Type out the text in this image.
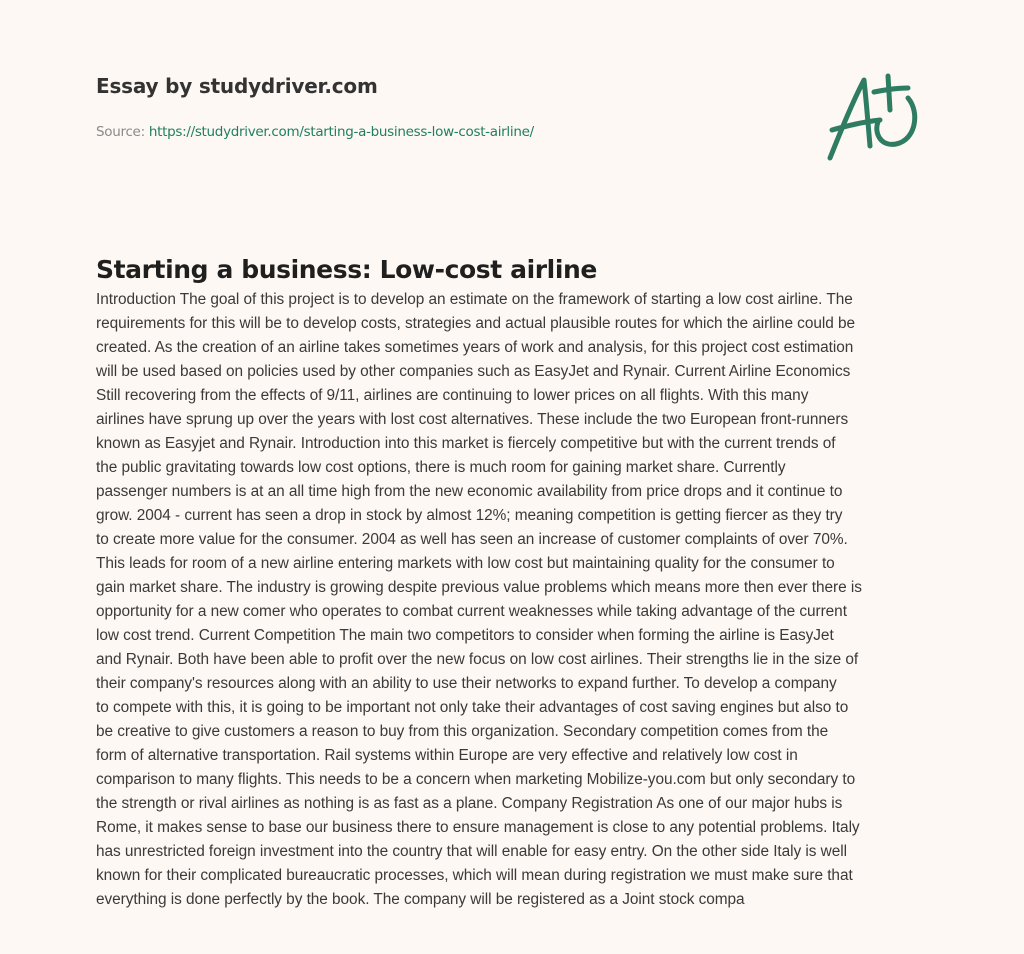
Essay by studydriver.com
Source: https://studydriver.com/starting-a-business-low-cost-airline/
Starting a business: Low-cost airline
Introduction The goal of this project is to develop an estimate on the framework of starting a low cost airline. The
requirements for this will be to develop costs, strategies and actual plausible routes for which the airline could be
created. As the creation of an airline takes sometimes years of work and analysis, for this project cost estimation
will be used based on policies used by other companies such as EasyJet and Rynair. Current Airline Economics
Still recovering from the effects of 9/11, airlines are continuing to lower prices on all flights. With this many
airlines have sprung up over the years with lost cost alternatives. These include the two European front-runners
known as Easyjet and Rynair. Introduction into this market is fiercely competitive but with the current trends of
the public gravitating towards low cost options, there is much room for gaining market share. Currently
passenger numbers is at an all time high from the new economic availability from price drops and it continue to
grow. 2004 - current has seen a drop in stock by almost 12%; meaning competition is getting fiercer as they try
to create more value for the consumer. 2004 as well has seen an increase of customer complaints of over 70%.
This leads for room of a new airline entering markets with low cost but maintaining quality for the consumer to
gain market share. The industry is growing despite previous value problems which means more then ever there is
opportunity for a new comer who operates to combat current weaknesses while taking advantage of the current
low cost trend. Current Competition The main two competitors to consider when forming the airline is EasyJet
and Rynair. Both have been able to profit over the new focus on low cost airlines. Their strengths lie in the size of
their company's resources along with an ability to use their networks to expand further. To develop a company
to compete with this, it is going to be important not only take their advantages of cost saving engines but also to
be creative to give customers a reason to buy from this organization. Secondary competition comes from the
form of alternative transportation. Rail systems within Europe are very effective and relatively low cost in
comparison to many flights. This needs to be a concern when marketing Mobilize-you.com but only secondary to
the strength or rival airlines as nothing is as fast as a plane. Company Registration As one of our major hubs is
Rome, it makes sense to base our business there to ensure management is close to any potential problems. Italy
has unrestricted foreign investment into the country that will enable for easy entry. On the other side Italy is well
known for their complicated bureaucratic processes, which will mean during registration we must make sure that
everything is done perfectly by the book. The company will be registered as a Joint stock compa
